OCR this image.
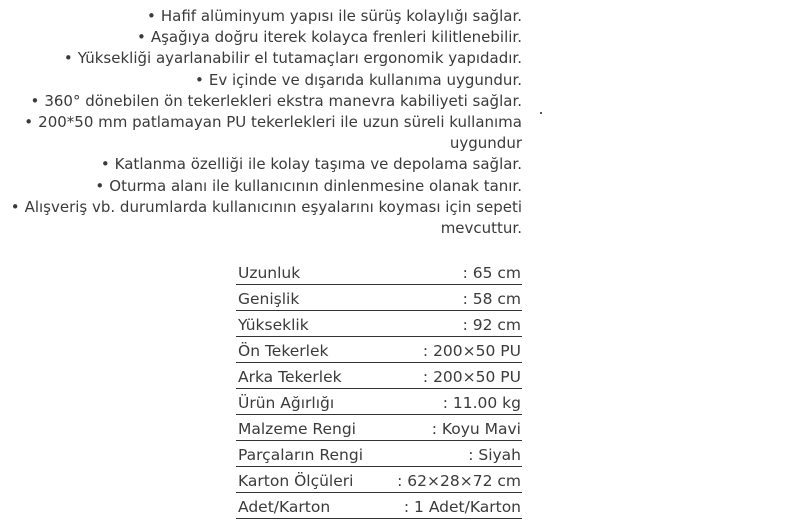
• Hafif alüminyum yapısı ile sürüş kolaylığı sağlar.
• Aşağıya doğru iterek kolayca frenleri kilitlenebilir.
• Yüksekliği ayarlanabilir el tutamaçları ergonomik yapıdadır.
• Ev içinde ve dışarıda kullanıma uygundur.
• 360° dönebilen ön tekerlekleri ekstra manevra kabiliyeti sağlar.
• 200*50 mm patlamayan PU tekerlekleri ile uzun süreli kullanıma uygundur
• Katlanma özelliği ile kolay taşıma ve depolama sağlar.
• Oturma alanı ile kullanıcının dinlenmesine olanak tanır.
• Alışveriş vb. durumlarda kullanıcının eşyalarını koyması için sepeti mevcuttur.
Uzunluk	: 65 cm
Genişlik	: 58 cm
Yükseklik	: 92 cm
Ön Tekerlek	: 200×50 PU
Arka Tekerlek	: 200×50 PU
Ürün Ağırlığı	: 11.00 kg
Malzeme Rengi	: Koyu Mavi
Parçaların Rengi	: Siyah
Karton Ölçüleri	: 62×28×72 cm
Adet/Karton	: 1 Adet/Karton
